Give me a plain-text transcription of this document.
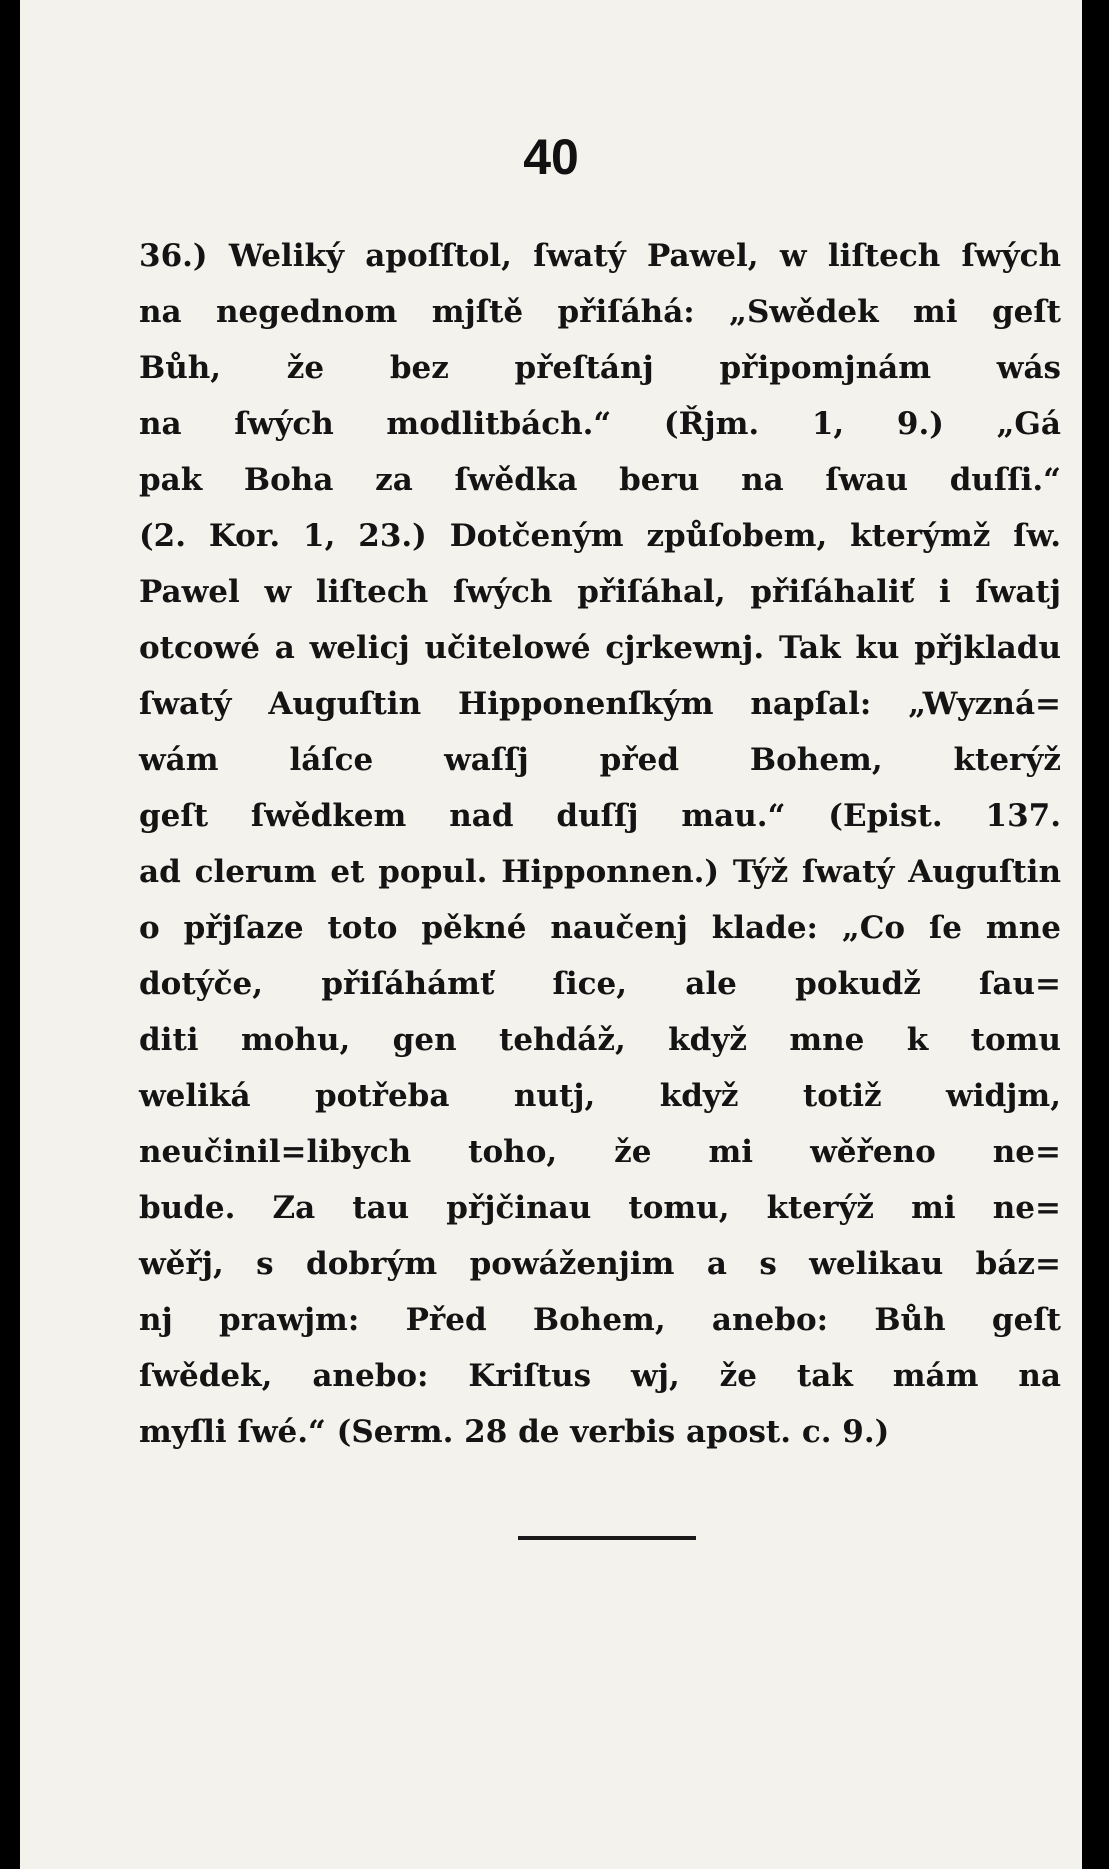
40
36.) Weliký apoſſtol, ſwatý Pawel, w liſtech ſwých
na negednom mjſtě přiſáhá: „Swědek mi geſt
Bůh, že bez přeſtánj připomjnám wás
na ſwých modlitbách.“ (Řjm. 1, 9.) „Gá
pak Boha za ſwědka beru na ſwau duſſi.“
(2. Kor. 1, 23.) Dotčeným způſobem, kterýmž ſw.
Pawel w liſtech ſwých přiſáhal, přiſáhaliť i ſwatj
otcowé a welicj učitelowé cjrkewnj. Tak ku přjkladu
ſwatý Auguſtin Hipponenſkým napſal: „Wyzná=
wám láſce waſſj před Bohem, kterýž
geſt ſwědkem nad duſſj mau.“ (Epist. 137.
ad clerum et popul. Hipponnen.) Týž ſwatý Auguſtin
o přjſaze toto pěkné naučenj klade: „Co ſe mne
dotýče, přiſáhámť ſice, ale pokudž ſau=
diti mohu, gen tehdáž, když mne k tomu
weliká potřeba nutj, když totiž widjm,
neučinil=libych toho, že mi wěřeno ne=
bude. Za tau přjčinau tomu, kterýž mi ne=
wěřj, s dobrým powáženjim a s welikau báz=
nj prawjm: Před Bohem, anebo: Bůh geſt
ſwědek, anebo: Kriſtus wj, že tak mám na
myſli ſwé.“ (Serm. 28 de verbis apost. c. 9.)
